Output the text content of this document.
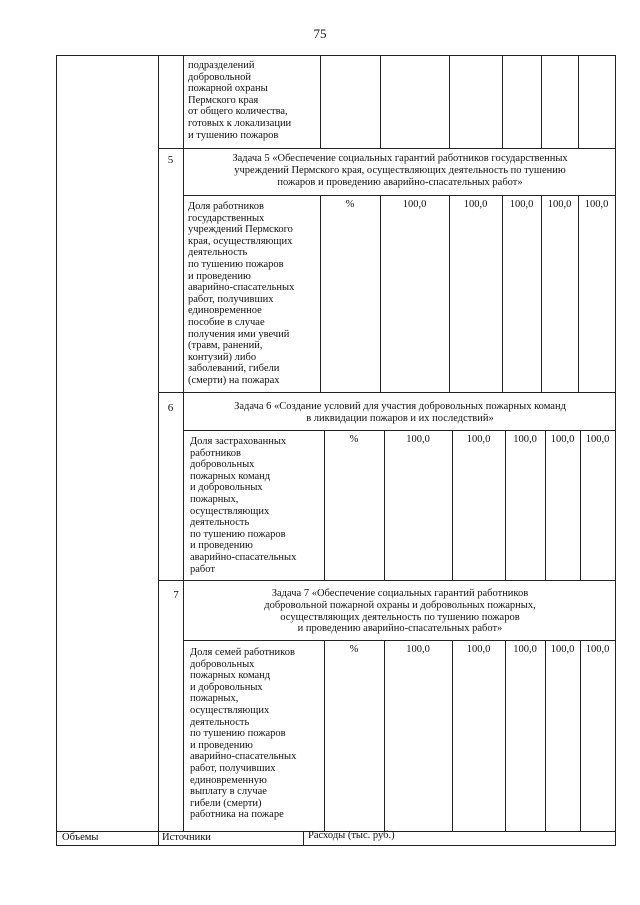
75
подразделений
добровольной
пожарной охраны
Пермского края
от общего количества,
готовых к локализации
и тушению пожаров
5	Задача 5 «Обеспечение социальных гарантий работников государственных
учреждений Пермского края, осуществляющих деятельность по тушению
пожаров и проведению аварийно-спасательных работ»
Доля работников
государственных
учреждений Пермского
края, осуществляющих
деятельность
по тушению пожаров
и проведению
аварийно-спасательных
работ, получивших
единовременное
пособие в случае
получения ими увечий
(травм, ранений,
контузий) либо
заболеваний, гибели
(смерти) на пожарах
%	100,0	100,0	100,0	100,0	100,0
6	Задача 6 «Создание условий для участия добровольных пожарных команд
в ликвидации пожаров и их последствий»
Доля застрахованных
работников
добровольных
пожарных команд
и добровольных
пожарных,
осуществляющих
деятельность
по тушению пожаров
и проведению
аварийно-спасательных
работ
%	100,0	100,0	100,0	100,0	100,0
7	Задача 7 «Обеспечение социальных гарантий работников
добровольной пожарной охраны и добровольных пожарных,
осуществляющих деятельность по тушению пожаров
и проведению аварийно-спасательных работ»
Доля семей работников
добровольных
пожарных команд
и добровольных
пожарных,
осуществляющих
деятельность
по тушению пожаров
и проведению
аварийно-спасательных
работ, получивших
единовременную
выплату в случае
гибели (смерти)
работника на пожаре
%	100,0	100,0	100,0	100,0	100,0
Объемы	Источники	Расходы (тыс. руб.)
